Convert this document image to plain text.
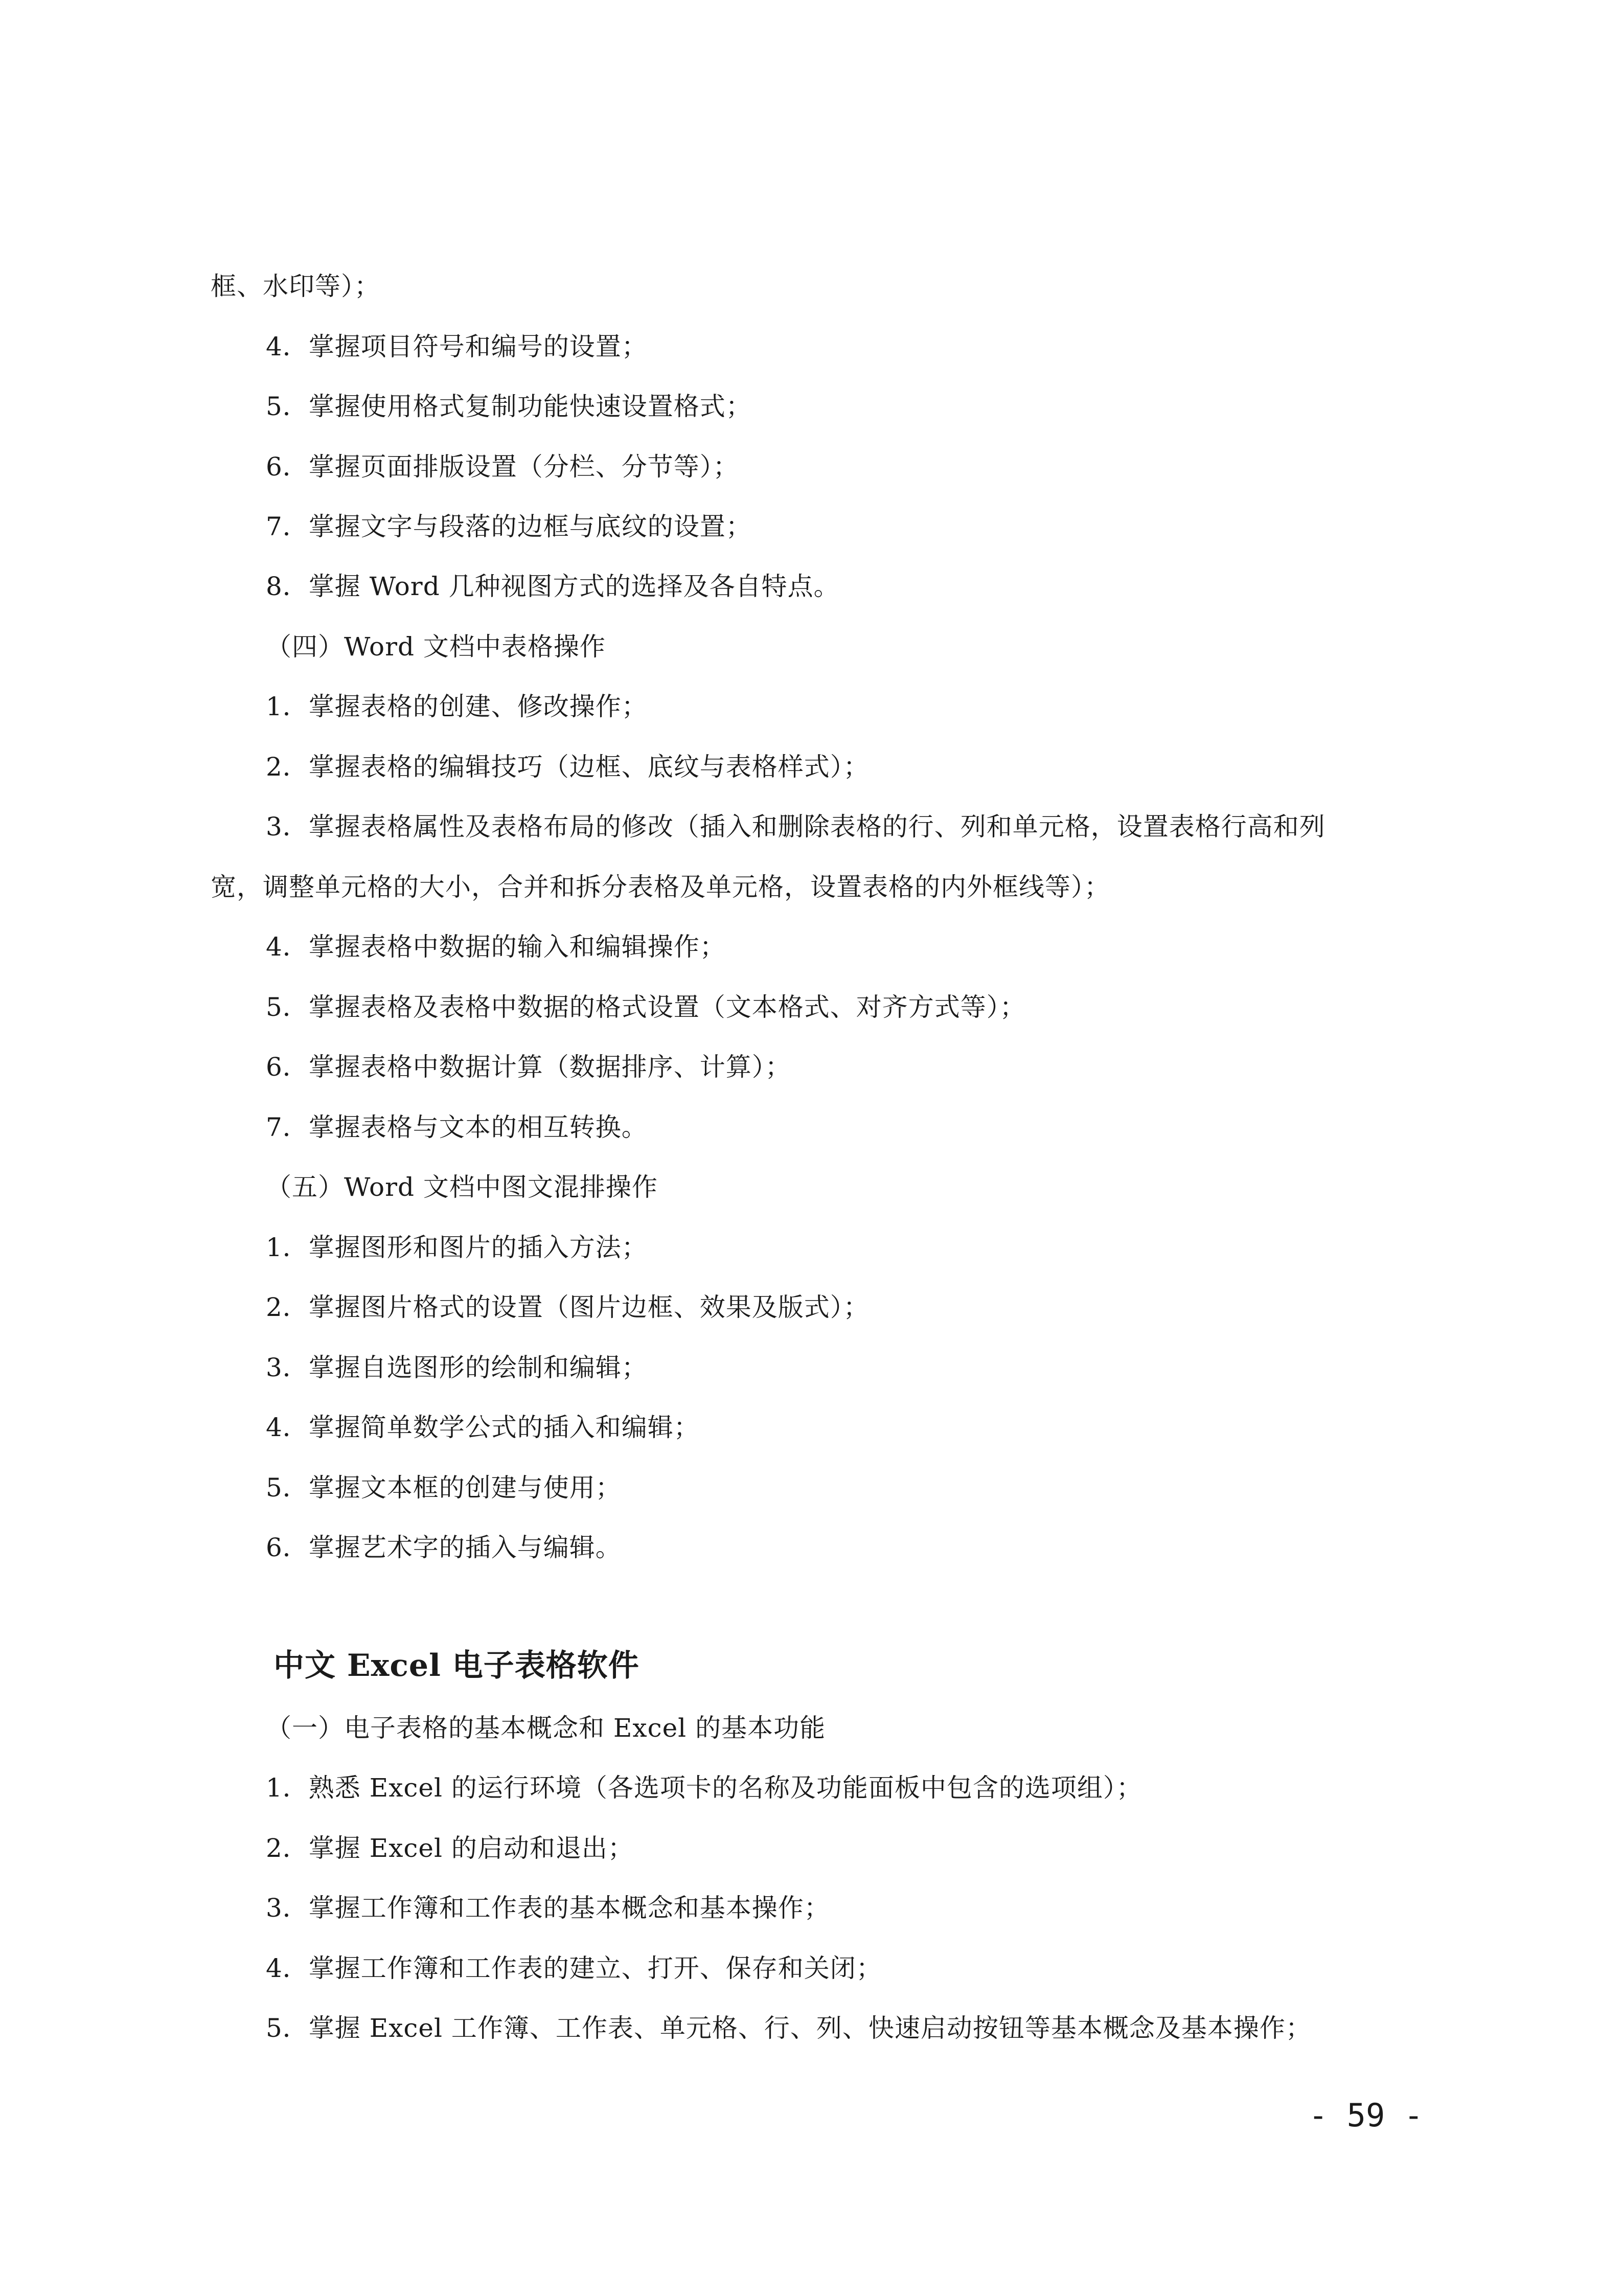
框、水印等）；
4．掌握项目符号和编号的设置；
5．掌握使用格式复制功能快速设置格式；
6．掌握页面排版设置（分栏、分节等）；
7．掌握文字与段落的边框与底纹的设置；
8．掌握 Word 几种视图方式的选择及各自特点。
（四）Word 文档中表格操作
1．掌握表格的创建、修改操作；
2．掌握表格的编辑技巧（边框、底纹与表格样式）；
3．掌握表格属性及表格布局的修改（插入和删除表格的行、列和单元格，设置表格行高和列
宽，调整单元格的大小，合并和拆分表格及单元格，设置表格的内外框线等）；
4．掌握表格中数据的输入和编辑操作；
5．掌握表格及表格中数据的格式设置（文本格式、对齐方式等）；
6．掌握表格中数据计算（数据排序、计算）；
7．掌握表格与文本的相互转换。
（五）Word 文档中图文混排操作
1．掌握图形和图片的插入方法；
2．掌握图片格式的设置（图片边框、效果及版式）；
3．掌握自选图形的绘制和编辑；
4．掌握简单数学公式的插入和编辑；
5．掌握文本框的创建与使用；
6．掌握艺术字的插入与编辑。
中文 Excel 电子表格软件
（一）电子表格的基本概念和 Excel 的基本功能
1．熟悉 Excel 的运行环境（各选项卡的名称及功能面板中包含的选项组）；
2．掌握 Excel 的启动和退出；
3．掌握工作簿和工作表的基本概念和基本操作；
4．掌握工作簿和工作表的建立、打开、保存和关闭；
5．掌握 Excel 工作簿、工作表、单元格、行、列、快速启动按钮等基本概念及基本操作；
- 59 -
